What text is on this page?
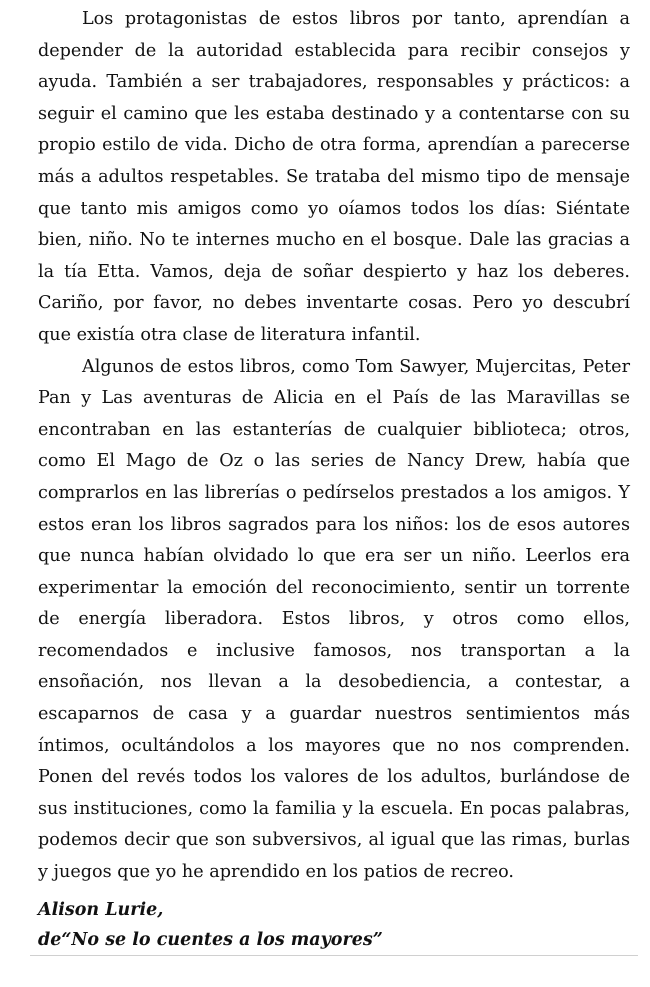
Los protagonistas de estos libros por tanto, aprendían a depender de la autoridad establecida para recibir consejos y ayuda. También a ser trabajadores, responsables y prácticos: a seguir el camino que les estaba destinado y a contentarse con su propio estilo de vida. Dicho de otra forma, aprendían a parecerse más a adultos respetables. Se trataba del mismo tipo de mensaje que tanto mis amigos como yo oíamos todos los días: Siéntate bien, niño. No te internes mucho en el bosque. Dale las gracias a la tía Etta. Vamos, deja de soñar despierto y haz los deberes. Cariño, por favor, no debes inventarte cosas. Pero yo descubrí que existía otra clase de literatura infantil.

Algunos de estos libros, como Tom Sawyer, Mujercitas, Peter Pan y Las aventuras de Alicia en el País de las Maravillas se encontraban en las estanterías de cualquier biblioteca; otros, como El Mago de Oz o las series de Nancy Drew, había que comprarlos en las librerías o pedírselos prestados a los amigos. Y estos eran los libros sagrados para los niños: los de esos autores que nunca habían olvidado lo que era ser un niño. Leerlos era experimentar la emoción del reconocimiento, sentir un torrente de energía liberadora. Estos libros, y otros como ellos, recomendados e inclusive famosos, nos transportan a la ensoñación, nos llevan a la desobediencia, a contestar, a escaparnos de casa y a guardar nuestros sentimientos más íntimos, ocultándolos a los mayores que no nos comprenden. Ponen del revés todos los valores de los adultos, burlándose de sus instituciones, como la familia y la escuela. En pocas palabras, podemos decir que son subversivos, al igual que las rimas, burlas y juegos que yo he aprendido en los patios de recreo.

Alison Lurie,
de“No se lo cuentes a los mayores”
